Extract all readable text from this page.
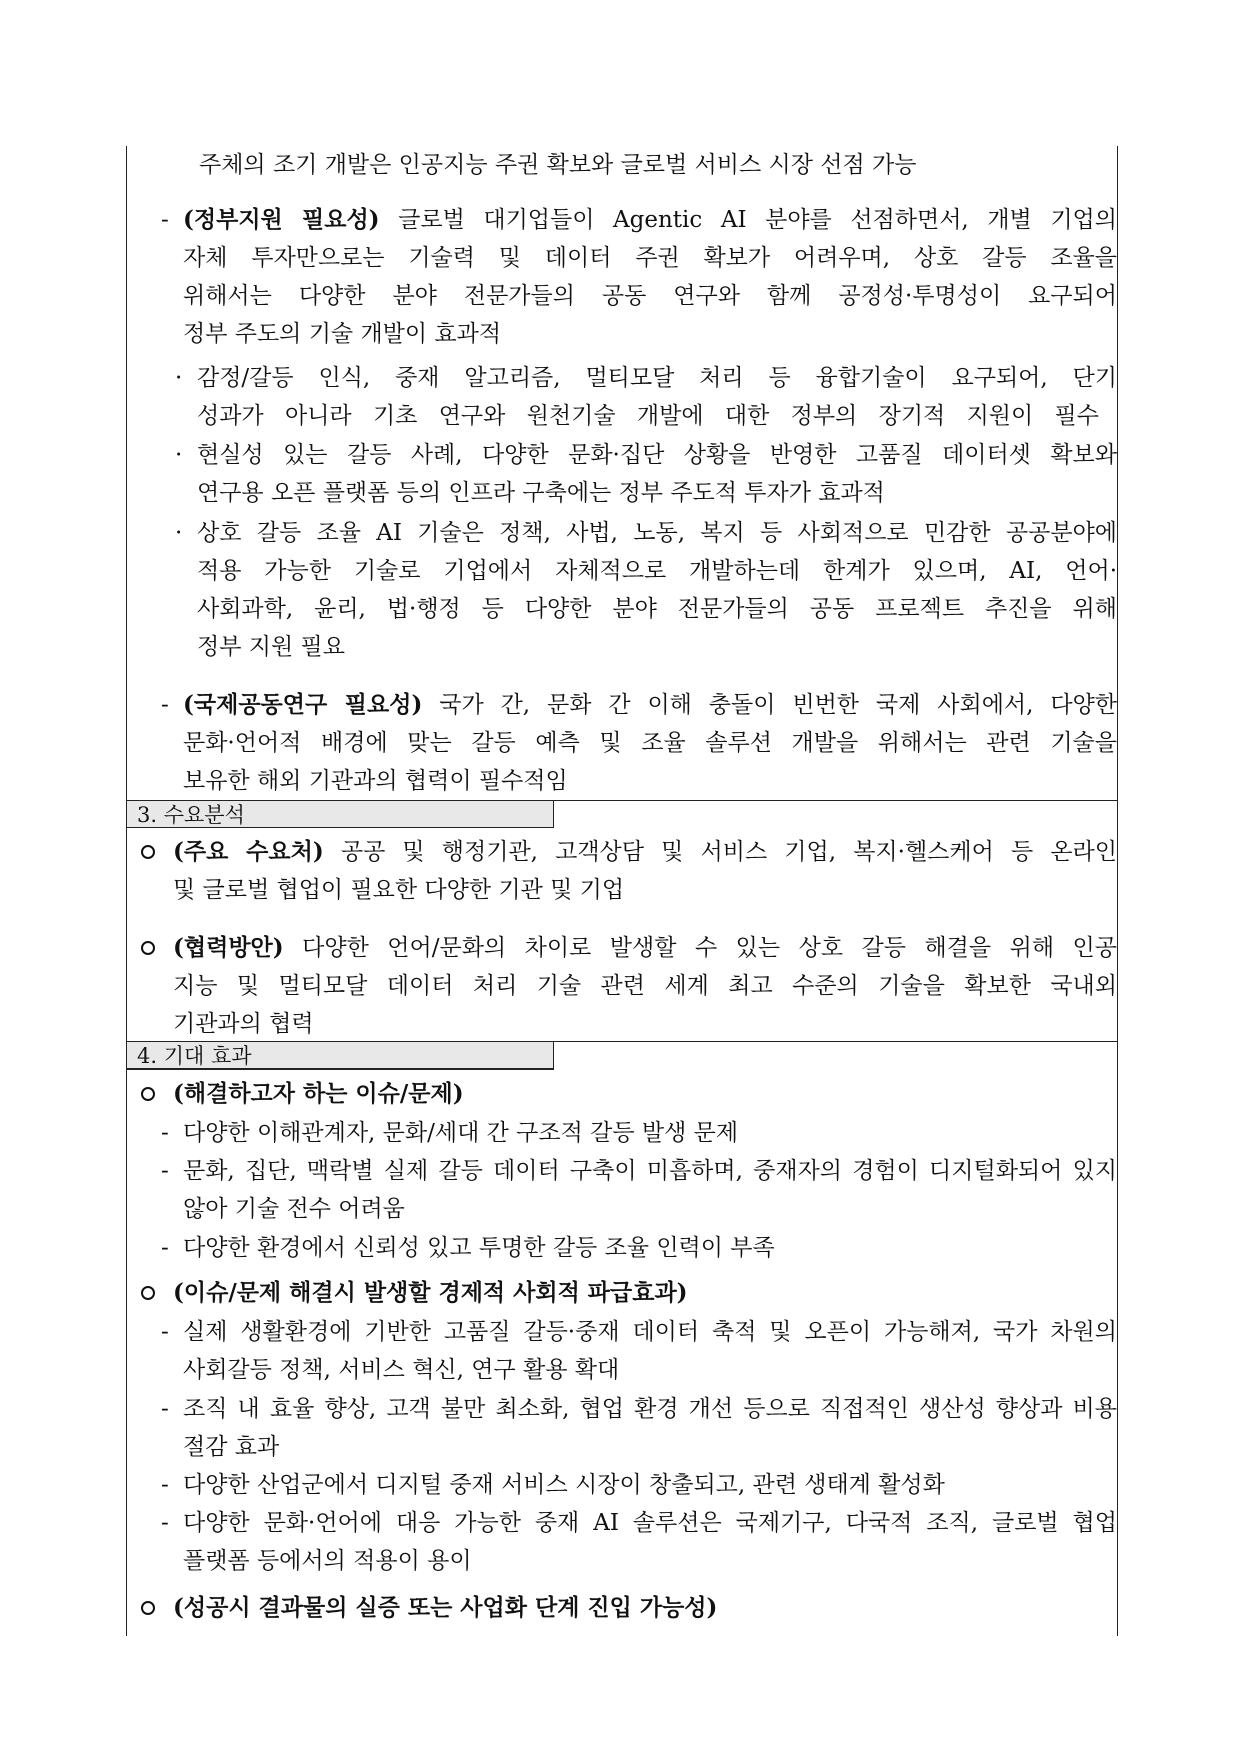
주체의 조기 개발은 인공지능 주권 확보와 글로벌 서비스 시장 선점 가능
- (정부지원 필요성) 글로벌 대기업들이 Agentic AI 분야를 선점하면서, 개별 기업의
자체 투자만으로는 기술력 및 데이터 주권 확보가 어려우며, 상호 갈등 조율을
위해서는 다양한 분야 전문가들의 공동 연구와 함께 공정성·투명성이 요구되어
정부 주도의 기술 개발이 효과적
· 감정/갈등 인식, 중재 알고리즘, 멀티모달 처리 등 융합기술이 요구되어, 단기
성과가 아니라 기초 연구와 원천기술 개발에 대한 정부의 장기적 지원이 필수
· 현실성 있는 갈등 사례, 다양한 문화·집단 상황을 반영한 고품질 데이터셋 확보와
연구용 오픈 플랫폼 등의 인프라 구축에는 정부 주도적 투자가 효과적
· 상호 갈등 조율 AI 기술은 정책, 사법, 노동, 복지 등 사회적으로 민감한 공공분야에
적용 가능한 기술로 기업에서 자체적으로 개발하는데 한계가 있으며, AI, 언어·
사회과학, 윤리, 법·행정 등 다양한 분야 전문가들의 공동 프로젝트 추진을 위해
정부 지원 필요
- (국제공동연구 필요성) 국가 간, 문화 간 이해 충돌이 빈번한 국제 사회에서, 다양한
문화·언어적 배경에 맞는 갈등 예측 및 조율 솔루션 개발을 위해서는 관련 기술을
보유한 해외 기관과의 협력이 필수적임
3. 수요분석
(주요 수요처) 공공 및 행정기관, 고객상담 및 서비스 기업, 복지·헬스케어 등 온라인
및 글로벌 협업이 필요한 다양한 기관 및 기업
(협력방안) 다양한 언어/문화의 차이로 발생할 수 있는 상호 갈등 해결을 위해 인공
지능 및 멀티모달 데이터 처리 기술 관련 세계 최고 수준의 기술을 확보한 국내외
기관과의 협력
4. 기대 효과
(해결하고자 하는 이슈/문제)
- 다양한 이해관계자, 문화/세대 간 구조적 갈등 발생 문제
- 문화, 집단, 맥락별 실제 갈등 데이터 구축이 미흡하며, 중재자의 경험이 디지털화되어 있지
않아 기술 전수 어려움
- 다양한 환경에서 신뢰성 있고 투명한 갈등 조율 인력이 부족
(이슈/문제 해결시 발생할 경제적 사회적 파급효과)
- 실제 생활환경에 기반한 고품질 갈등·중재 데이터 축적 및 오픈이 가능해져, 국가 차원의
사회갈등 정책, 서비스 혁신, 연구 활용 확대
- 조직 내 효율 향상, 고객 불만 최소화, 협업 환경 개선 등으로 직접적인 생산성 향상과 비용
절감 효과
- 다양한 산업군에서 디지털 중재 서비스 시장이 창출되고, 관련 생태계 활성화
- 다양한 문화·언어에 대응 가능한 중재 AI 솔루션은 국제기구, 다국적 조직, 글로벌 협업
플랫폼 등에서의 적용이 용이
(성공시 결과물의 실증 또는 사업화 단계 진입 가능성)
